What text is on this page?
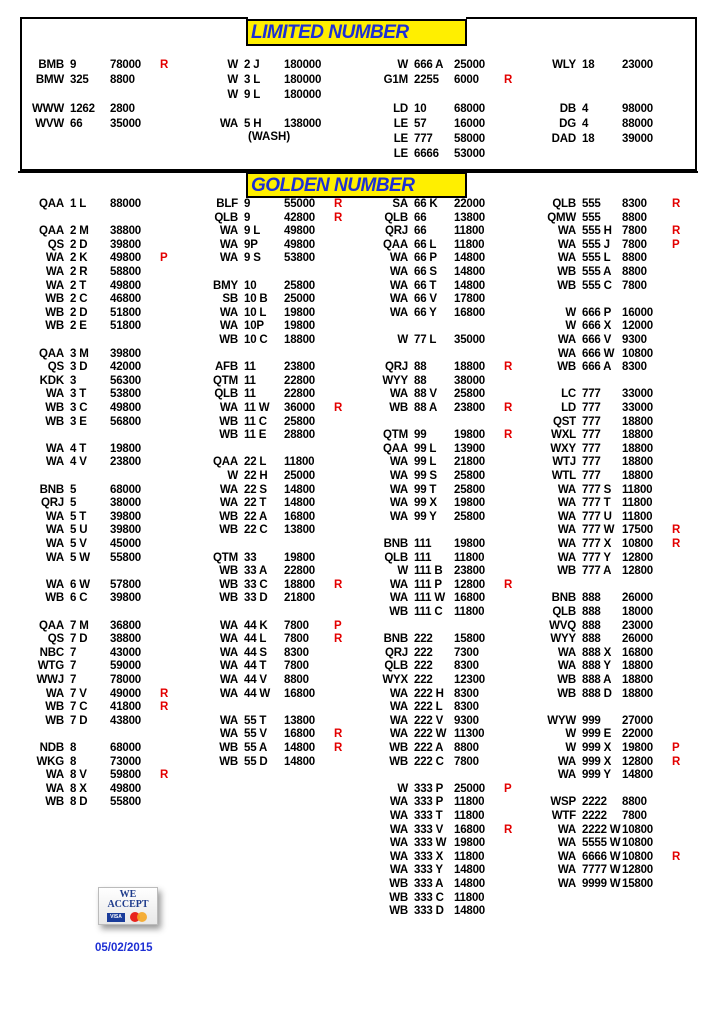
LIMITED NUMBER
(WASH)
GOLDEN NUMBER
QAA 1 L 88000
QAA 2 M 38800
QS 2 D 39800
WA 2 K 49800 P
WA 2 R 58800
WA 2 T 49800
WB 2 C 46800
WB 2 D 51800
WB 2 E 51800
QAA 3 M 39800
QS 3 D 42000
KDK 3	56300
WA 3 T 53800
WB 3 C 49800
WB 3 E 56800
WA 4 T 19800
WA 4 V 23800
BNB 5	68000
QRJ 5	38000
WA 5 T 39800
WA 5 U 39800
WA 5 V 45000
WA 5 W 55800
WA 6 W 57800
WB 6 C 39800
QAA 7 M 36800
QS 7 D 38800
NBC 7	43000
WTG 7	59000
WWJ 7	78000
WA 7 V 49000 R
WB 7 C 41800 R
WB 7 D 43800
NDB 8	68000
WKG 8	73000
WA 8 V 59800 R
WA 8 X 49800
WB 8 D 55800
BLF 9	55000 R
QLB 9	42800 R
WA 9 L 49800
WA 9P 49800
WA 9 S 53800
BMY 10 25800
SB 10 B 25000
WA 10 L 19800
WA 10P 19800
WB 10 C 18800
AFB 11 23800
QTM 11 22800
QLB 11 22800
WA 11 W 36000 R
WB 11 C 25800
WB 11 E 28800
QAA 22 L 11800
W 22 H 25000
WA 22 S 14800
WA 22 T 14800
WB 22 A 16800
WB 22 C 13800
QTM 33 19800
WB 33 A 22800
WB 33 C 18800 R
WB 33 D 21800
WA 44 K 7800 P
WA 44 L 7800 R
WA 44 S 8300
WA 44 T 7800
WA 44 V 8800
WA 44 W 16800
WA 55 T 13800
WA 55 V 16800 R
WB 55 A 14800 R
WB 55 D 14800
SA 66 K 22000
QLB 66 13800
QRJ 66 11800
QAA 66 L 11800
WA 66 P 14800
WA 66 S 14800
WA 66 T 14800
WA 66 V 17800
WA 66 Y 16800
W 77 L 35000
QRJ 88 18800 R
WYY 88 38000
WA 88 V 25800
WB 88 A 23800 R
QTM 99 19800 R
QAA 99 L 13900
WA 99 L 21800
WA 99 S 25800
WA 99 T 25800
WA 99 X 19800
WA 99 Y 25800
BNB 111 19800
QLB 111 11800
W 111 B 23800
WA 111 P 12800 R
WA 111 W 16800
WB 111 C 11800
BNB 222 15800
QRJ 222 7300
QLB 222 8300
WYX 222 12300
WA 222 H 8300
WA 222 L 8300
WA 222 V 9300
WA 222 W 11300
WB 222 A 8800
WB 222 C 7800
W 333 P 25000 P
WA 333 P 11800
WA 333 T 11800
WA 333 V 16800 R
WA 333 W 19800
WA 333 X 11800
WA 333 Y 14800
WB 333 A 14800
WB 333 C 11800
WB 333 D 14800
QLB 555 8300 R
QMW 555 8800
WA 555 H 7800 R
WA 555 J 7800 P
WA 555 L 8800
WB 555 A 8800
WB 555 C 7800
W 666 P 16000
W 666 X 12000
WA 666 V 9300
WA 666 W 10800
WB 666 A 8300
LC 777 33000
LD 777 33000
QST 777 18800
WXL 777 18800
WXY 777 18800
WTJ 777 18800
WTL 777 18800
WA 777 S 11800
WA 777 T 11800
WA 777 U 11800
WA 777 W 17500 R
WA 777 X 10800 R
WA 777 Y 12800
WB 777 A 12800
BNB 888 26000
QLB 888 18000
WVQ 888 23000
WYY 888 26000
WA 888 X 16800
WA 888 Y 18800
WB 888 A 18800
WB 888 D 18800
WYW 999 27000
W 999 E 22000
W 999 X 19800 P
WA 999 X 12800 R
WA 999 Y 14800
WSP 2222 8800
WTF 2222 7800
WA 2222 W 10800
WA 5555 W 10800
WA 6666 W 10800 R
WA 7777 W 12800
WA 9999 W 15800
WE ACCEPT
VISA
05/02/2015
BMB 9	78000 R
BMW 325 8800
WWW 1262 2800
WVW 66 35000
W 2 J 180000
W 3 L 180000
W 9 L 180000
WA 5 H 138000
W 666 A 25000
G1M 2255 6000 R
LD 10 68000
LE 57 16000
LE 777 58000
LE 6666 53000
WLY 18 23000
DB 4	98000
DG 4	88000
DAD 18 39000
